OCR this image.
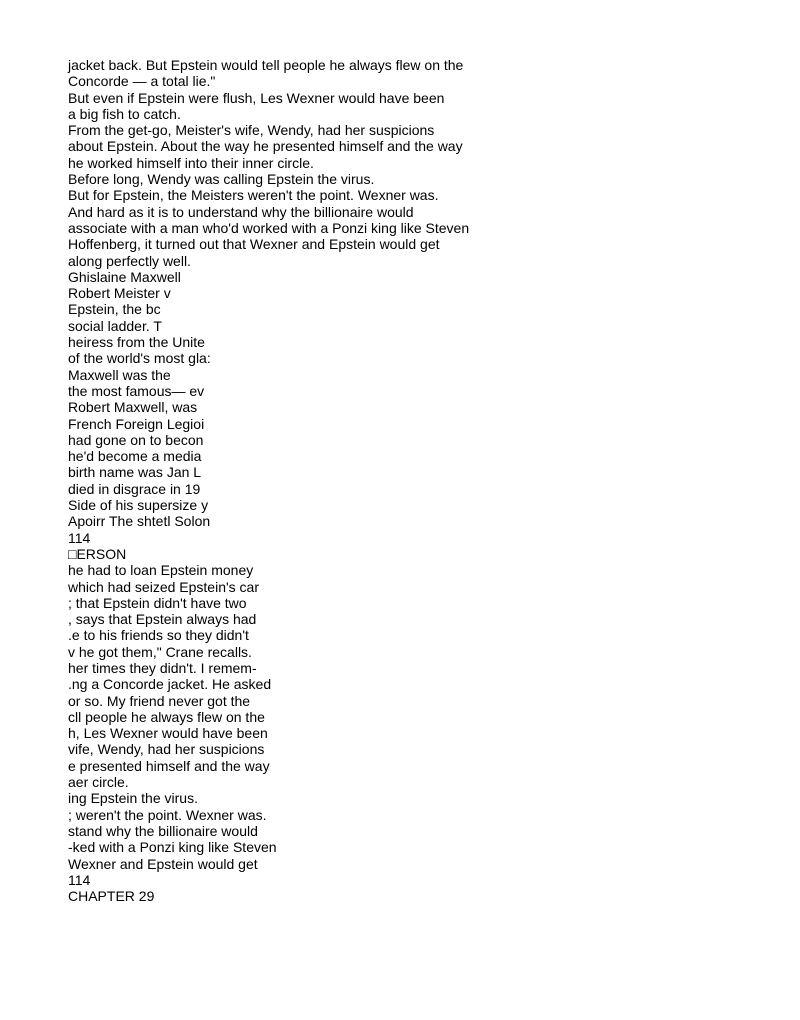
jacket back. But Epstein would tell people he always flew on the
Concorde — a total lie."
But even if Epstein were flush, Les Wexner would have been
a big fish to catch.
From the get-go, Meister's wife, Wendy, had her suspicions
about Epstein. About the way he presented himself and the way
he worked himself into their inner circle.
Before long, Wendy was calling Epstein the virus.
But for Epstein, the Meisters weren't the point. Wexner was.
And hard as it is to understand why the billionaire would
associate with a man who'd worked with a Ponzi king like Steven
Hoffenberg, it turned out that Wexner and Epstein would get
along perfectly well.
Ghislaine Maxwell
Robert Meister v
Epstein, the bc
social ladder. T
heiress from the Unite
of the world's most gla:
Maxwell was the
the most famous— ev
Robert Maxwell, was
French Foreign Legioi
had gone on to becon
he'd become a media
birth name was Jan L
died in disgrace in 19
Side of his supersize y
Apoirr The shtetl Solon
114
□ERSON
he had to loan Epstein money
which had seized Epstein's car
; that Epstein didn't have two
, says that Epstein always had
.e to his friends so they didn't
v he got them," Crane recalls.
her times they didn't. I remem-
.ng a Concorde jacket. He asked
or so. My friend never got the
cll people he always flew on the
h, Les Wexner would have been
vife, Wendy, had her suspicions
e presented himself and the way
aer circle.
ing Epstein the virus.
; weren't the point. Wexner was.
stand why the billionaire would
-ked with a Ponzi king like Steven
Wexner and Epstein would get
114
CHAPTER 29
